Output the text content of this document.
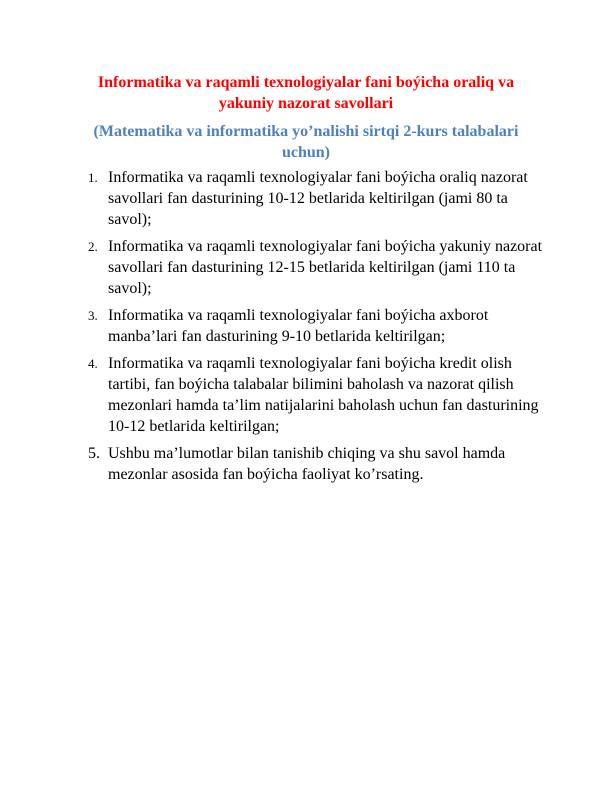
Informatika va raqamli texnologiyalar fani boýicha oraliq va yakuniy nazorat savollari
(Matematika va informatika yo’nalishi sirtqi 2-kurs talabalari uchun)
1. Informatika va raqamli texnologiyalar fani boýicha oraliq nazorat savollari fan dasturining 10-12 betlarida keltirilgan (jami 80 ta savol);
2. Informatika va raqamli texnologiyalar fani boýicha yakuniy nazorat savollari fan dasturining 12-15 betlarida keltirilgan (jami 110 ta savol);
3. Informatika va raqamli texnologiyalar fani boýicha axborot manba’lari fan dasturining 9-10 betlarida keltirilgan;
4. Informatika va raqamli texnologiyalar fani boýicha kredit olish tartibi, fan boýicha talabalar bilimini baholash va nazorat qilish mezonlari hamda ta’lim natijalarini baholash uchun fan dasturining 10-12 betlarida keltirilgan;
5. Ushbu ma’lumotlar bilan tanishib chiqing va shu savol hamda mezonlar asosida fan boýicha faoliyat ko’rsating.
